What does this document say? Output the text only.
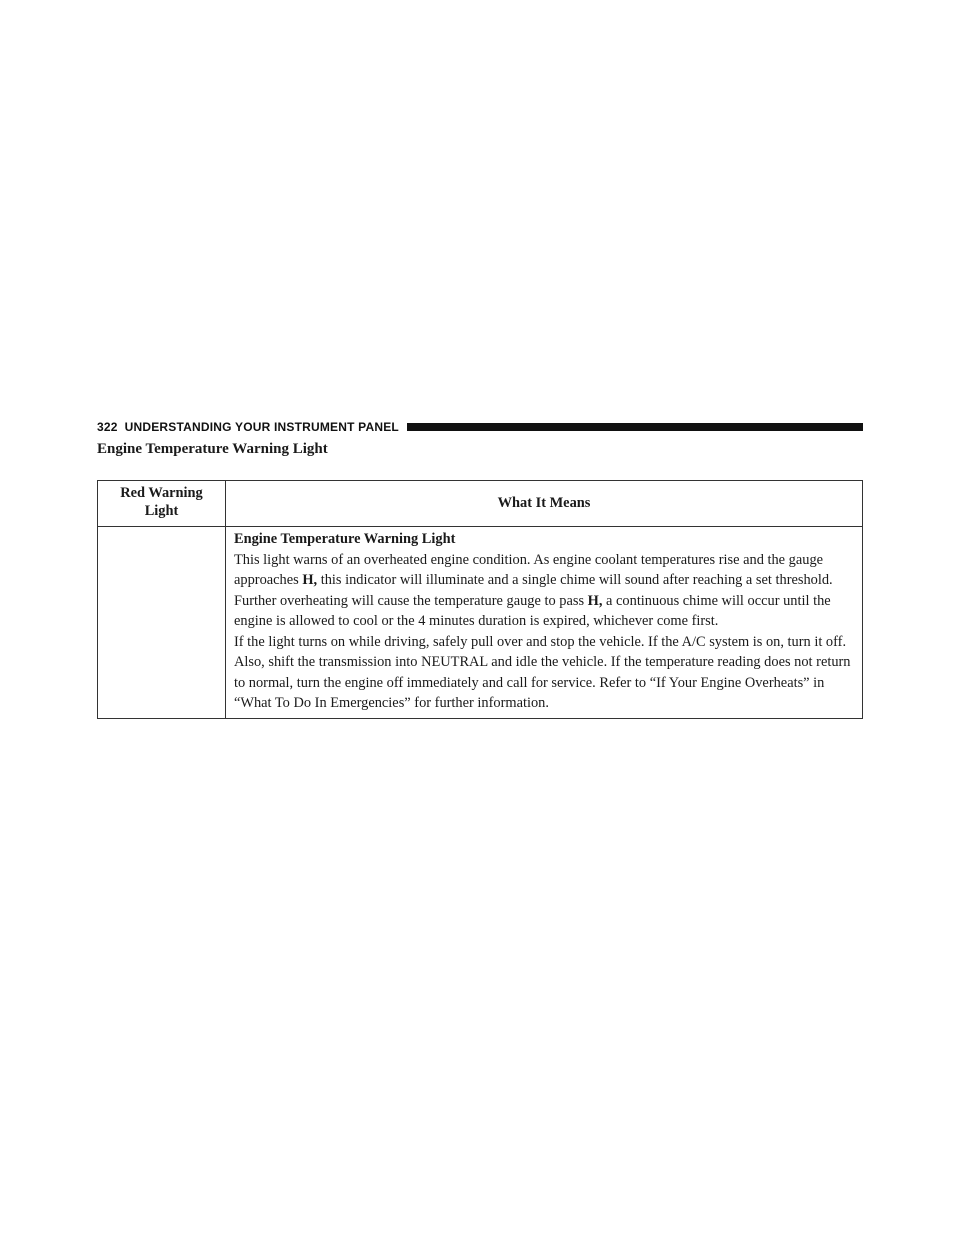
322 UNDERSTANDING YOUR INSTRUMENT PANEL
Engine Temperature Warning Light
Red Warning
Light	What It Means

	Engine Temperature Warning Light

This light warns of an overheated engine condition. As engine coolant temperatures rise and the gauge approaches H, this indicator will illuminate and a single chime will sound after reaching a set threshold. Further overheating will cause the temperature gauge to pass H, a continuous chime will occur until the engine is allowed to cool or the 4 minutes duration is expired, whichever come first.

If the light turns on while driving, safely pull over and stop the vehicle. If the A/C system is on, turn it off. Also, shift the transmission into NEUTRAL and idle the vehicle. If the temperature reading does not return to normal, turn the engine off immediately and call for service. Refer to “If Your Engine Overheats” in “What To Do In Emergencies” for further information.
